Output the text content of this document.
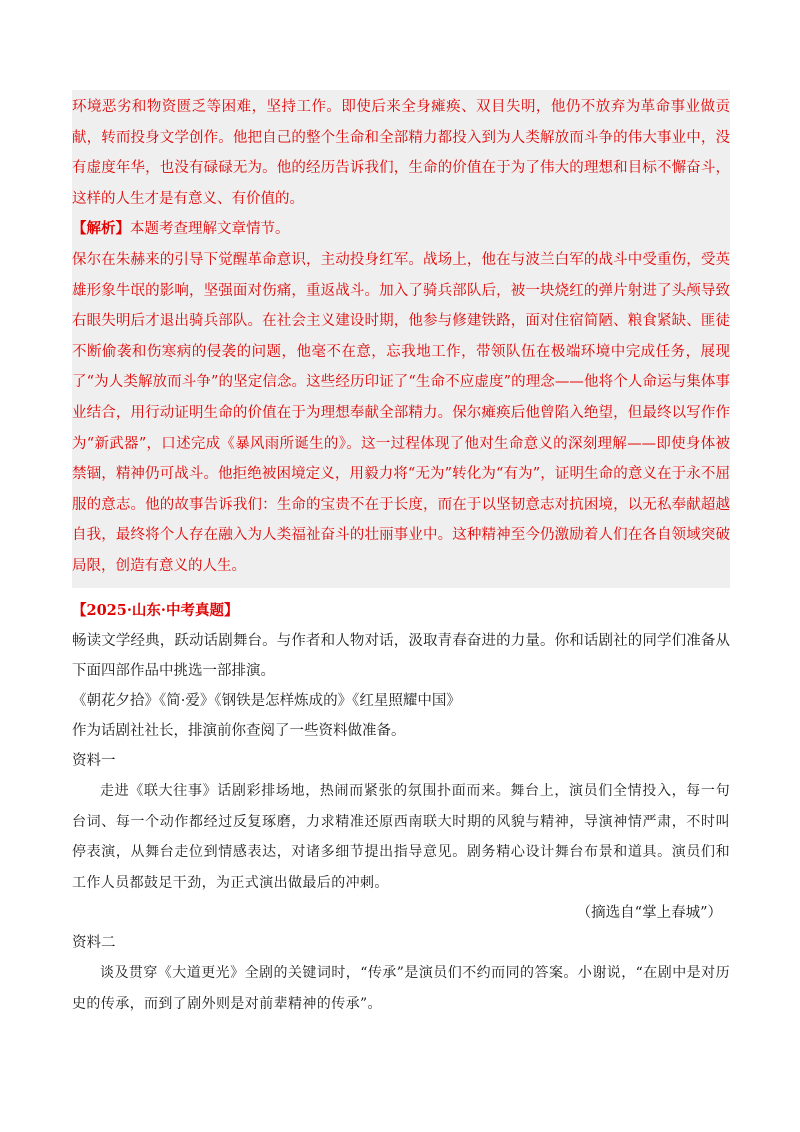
环境恶劣和物资匮乏等困难，坚持工作。即使后来全身瘫痪、双目失明，他仍不放弃为革命事业做贡献，转而投身文学创作。他把自己的整个生命和全部精力都投入到为人类解放而斗争的伟大事业中，没有虚度年华，也没有碌碌无为。他的经历告诉我们，生命的价值在于为了伟大的理想和目标不懈奋斗，这样的人生才是有意义、有价值的。

【解析】本题考查理解文章情节。

保尔在朱赫来的引导下觉醒革命意识，主动投身红军。战场上，他在与波兰白军的战斗中受重伤，受英雄形象牛氓的影响，坚强面对伤痛，重返战斗。加入了骑兵部队后，被一块烧红的弹片射进了头颅导致右眼失明后才退出骑兵部队。在社会主义建设时期，他参与修建铁路，面对住宿简陋、粮食紧缺、匪徒不断偷袭和伤寒病的侵袭的问题，他毫不在意，忘我地工作，带领队伍在极端环境中完成任务，展现了“为人类解放而斗争”的坚定信念。这些经历印证了“生命不应虚度”的理念——他将个人命运与集体事业结合，用行动证明生命的价值在于为理想奉献全部精力。保尔瘫痪后他曾陷入绝望，但最终以写作作为“新武器”，口述完成《暴风雨所诞生的》。这一过程体现了他对生命意义的深刻理解——即使身体被禁锢，精神仍可战斗。他拒绝被困境定义，用毅力将“无为”转化为“有为”，证明生命的意义在于永不屈服的意志。他的故事告诉我们：生命的宝贵不在于长度，而在于以坚韧意志对抗困境，以无私奉献超越自我，最终将个人存在融入为人类福祉奋斗的壮丽事业中。这种精神至今仍激励着人们在各自领域突破局限，创造有意义的人生。

【2025·山东·中考真题】

畅读文学经典，跃动话剧舞台。与作者和人物对话，汲取青春奋进的力量。你和话剧社的同学们准备从下面四部作品中挑选一部排演。

《朝花夕拾》《简·爱》《钢铁是怎样炼成的》《红星照耀中国》

作为话剧社社长，排演前你查阅了一些资料做准备。

资料一

走进《联大往事》话剧彩排场地，热闹而紧张的氛围扑面而来。舞台上，演员们全情投入，每一句台词、每一个动作都经过反复琢磨，力求精准还原西南联大时期的风貌与精神，导演神情严肃，不时叫停表演，从舞台走位到情感表达，对诸多细节提出指导意见。剧务精心设计舞台布景和道具。演员们和工作人员都鼓足干劲，为正式演出做最后的冲刺。

（摘选自“掌上春城”）

资料二

谈及贯穿《大道更光》全剧的关键词时，“传承”是演员们不约而同的答案。小谢说，“在剧中是对历史的传承，而到了剧外则是对前辈精神的传承”。
